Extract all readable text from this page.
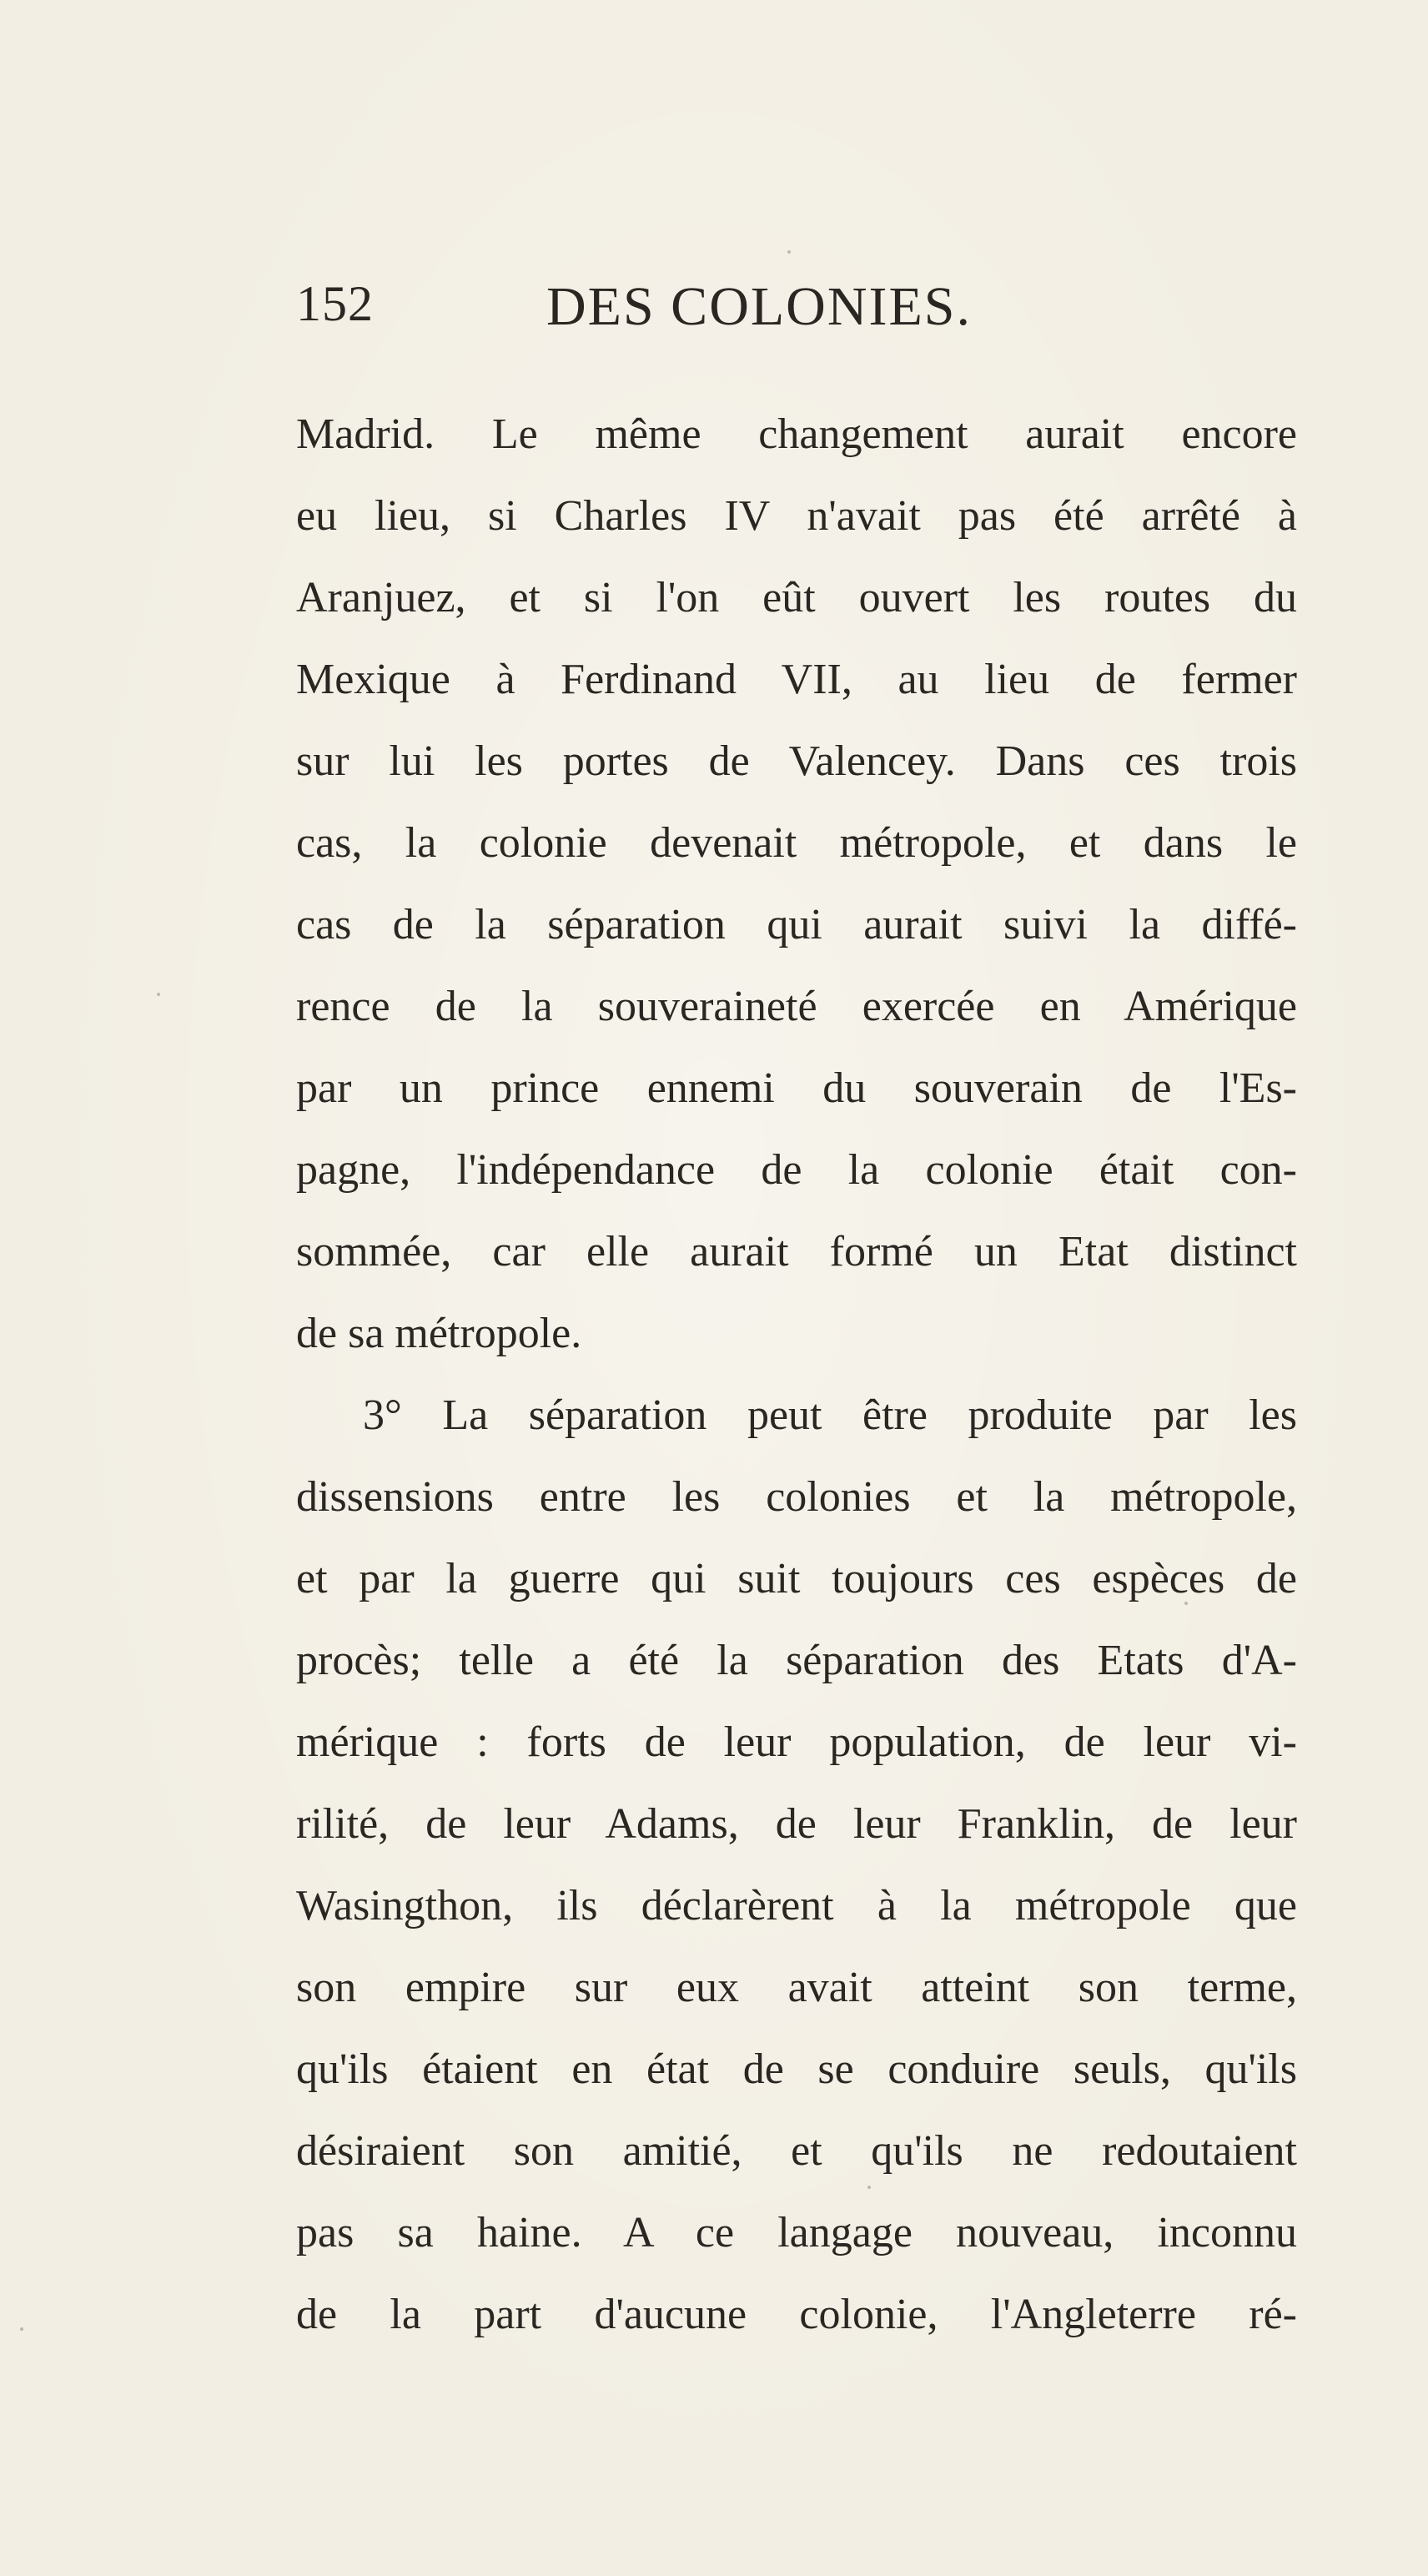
152	DES COLONIES.
Madrid. Le même changement aurait encore
eu lieu, si Charles IV n'avait pas été arrêté à
Aranjuez, et si l'on eût ouvert les routes du
Mexique à Ferdinand VII, au lieu de fermer
sur lui les portes de Valencey. Dans ces trois
cas, la colonie devenait métropole, et dans le
cas de la séparation qui aurait suivi la diffé-
rence de la souveraineté exercée en Amérique
par un prince ennemi du souverain de l'Es-
pagne, l'indépendance de la colonie était con-
sommée, car elle aurait formé un Etat distinct
de sa métropole.
3° La séparation peut être produite par les
dissensions entre les colonies et la métropole,
et par la guerre qui suit toujours ces espèces de
procès; telle a été la séparation des Etats d'A-
mérique : forts de leur population, de leur vi-
rilité, de leur Adams, de leur Franklin, de leur
Wasingthon, ils déclarèrent à la métropole que
son empire sur eux avait atteint son terme,
qu'ils étaient en état de se conduire seuls, qu'ils
désiraient son amitié, et qu'ils ne redoutaient
pas sa haine. A ce langage nouveau, inconnu
de la part d'aucune colonie, l'Angleterre ré-
